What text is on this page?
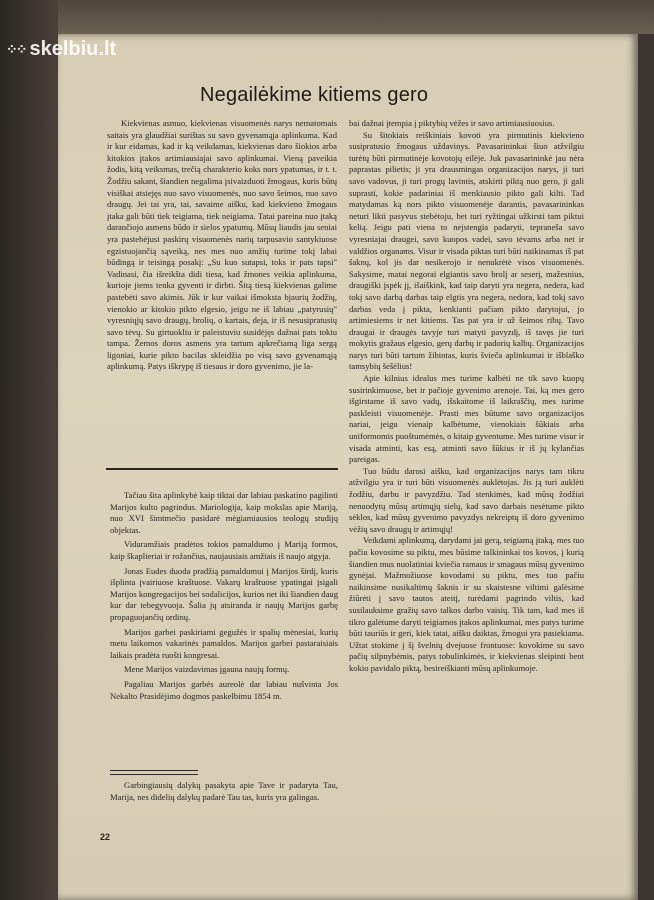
⁘⁘ skelbiu.lt
Negailėkime kitiems gero

Kiekvienas asmuo, kiekvienas visuomenės narys nematomais saitais yra glaudžiai surištas su savo gyvenamąja aplinkuma. Kad ir kur eidamas, kad ir ką veikdamas, kiekvienas daro šiokios arba kitokios įtakos artimiausiajai savo aplinkumai. Vieną paveikia žodis, kitą veiksmas, trečią charakterio koks nors ypatumas, ir t. t. Žodžiu sakant, šiandien negalima įsivaizduoti žmogaus, kuris būtų visiškai atsiejęs nuo savo visuomenės, nuo savo šeimos, nuo savo draugų. Jei tai yra, tai, savaime aišku, kad kiekvieno žmogaus įtaka gali būti tiek teigiama, tiek neigiama. Tatai pareina nuo įtaką darančiojo asmens būdo ir sielos ypatumų. Mūsų liaudis jau seniai yra pastebėjusi paskirų visuomenės narių tarpusavio santykiuose egzistuojančią sąveiką, nes mes nuo amžių turime tokį labai būdingą ir teisingą posakį: „Su kuo sutapsi, toks ir pats tapsi" Vadinasi, čia išreikšta didi tiesa, kad žmones veikia aplinkuma, kurioje jiems tenka gyventi ir dirbti. Šitą tiesą kiekvienas galime pastebėti savo akimis. Jūk ir kur vaikai išmoksta bjaurių žodžių, vienokio ar kitokio pikto elgesio, jeigu ne iš labiau „patyrusių" vyresniųjų savo draugų, brolių, o kartais, deja, ir iš nesusipratusių savo tėvų. Su girtuokliu ir paleistuviu susidėjęs dažnai pats tokiu tampa. Žemos doros asmens yra tartum apkrečiamą liga sergą ligoniai, kurie pikto bacilas skleidžia po visą savo gyvenamąją aplinkumą. Patys iškrypę iš tiesaus ir doro gyvenimo, jie la-

Tačiau šita aplinkybė kaip tiktai dar labiau paskatino pagilinti Marijos kulto pagrindus. Mariologija, kaip mokslas apie Mariją, nuo XVI šimtmečio pasidarė mėgiamiausios teologų studijų objektas.

Viduramžiais pradėtos tokios pamaldumo į Mariją formos, kaip škaplieriai ir rožančius, naujausiais amžiais iš naujo atgyja.

Jonas Eudes duoda pradžią pamaldumui į Marijos širdį, kuris išplinta įvairiuose kraštuose. Vakarų kraštuose ypatingai įsigali Marijos kongregacijos bei sodalicijos, kurios net iki šiandien daug kur dar tebegyvuoja. Šalia jų atsiranda ir naujų Marijos garbę propaguojančių ordinų.

Marijos garbei paskiriami gegužės ir spalių mėnesiai, kurių metu laikomos vakarinės pamaldos. Marijos garbei pastaraisiais laikais pradėta ruošti kongresai.

Mene Marijos vaizdavimas įgauna naujų formų.

Pagaliau Marijos garbės aureolė dar labiau nušvinta Jos Nekalto Prasidėjimo dogmos paskelbimu 1854 m.

Garbingiausių dalykų pasakyta apie Tave ir padaryta Tau, Marija, nes didelių dalykų padarė Tau tas, kuris yra galingas.

bai dažnai įtempia į piktybių vėžes ir savo artimiausiuosius.

Su šitokiais reiškiniais kovoti yra pirmutinis kiekvieno susipratusio žmogaus uždavinys. Pavasarininkai šiuo atžvilgiu turėtų būti pirmutinėje kovotojų eilėje. Juk pavasarininkė jau nėra paprastas pilietis; ji yra drausmingas organizacijos narys, ji turi savo vadovus, ji turi progų lavintis, atskirti piktą nuo gero, ji gali suprasti, kokie padariniai iš menkiausio pikto gali kilti. Tad matydamas ką nors pikto visuomenėje darantis, pavasarininkas neturi likti pasyvus stebėtoju, bet turi ryžtingai užkirsti tam piktui kelią. Jeigu pati viena to nejstengia padaryti, tepraneša savo vyresniajai draugei, savo kuopos vadei, savo tėvams arba net ir valdžios organams. Visur ir visada piktas turi būti naikinamas iš pat šaknų, kol jis dar nesikerojo ir nenukrėtė visos visuomenės. Sakysime, matai negorai elgiantis savo brolį ar seserį, mažesnius, draugiški įspėk jį, išaiškink, kad taip daryti yra negera, nedera, kad tokį savo darbą darbas taip elgtis yra negera, nedora, kad tokį savo darbas veda į pikta, kenkianti pačiam pikto darytojui, jo artimiesiems ir net kitiems. Tas pat yra ir už šeimos ribų. Tavo draugai ir draugės tavyje turi matyti pavyzdį, iš tavęs jie turi mokytis gražaus elgesio, gerų darbų ir padorių kalbų. Organizacijos narys turi būti tartum žibintas, kuris švieča aplinkumai ir išblaško tamsybių šešėlius!

Apie kilnius idealus mes turime kalbėti ne tik savo kuopų susirinkimuose, bet ir pačioje gyvenimo arenoje. Tai, ką mes gero išgirstame iš savo vadų, išskaitome iš laikraščių, mes turime paskleisti visuomenėje. Prasti mes būtume savo organizacijos nariai, jeigu vienaip kalbėtume, vienokiais šūkiais arba uniformomis puoštumėmės, o kitaip gyventume. Mes turime visur ir visada atminti, kas esą, atminti savo šūkius ir iš jų kylančias pareigas.

Tuo būdu darosi aišku, kad organizacijos narys tam tikru atžvilgiu yra ir turi būti visuomenės auklėtojas. Jis ją turi auklėti žodžiu, darbu ir pavyzdžiu. Tad stenkimės, kad mūsų žodžiai nenuodytų mūsų artimųjų sielų, kad savo darbais nesėtume pikto sėklos, kad mūsų gyvenimo pavyzdys nekreiptų iš doro gyvenimo vėžių savo draugų ir artimųjų!

Veikdami aplinkumą, darydami jai gerą, teigiamą įtaką, mes tuo pačiu kovosime su piktu, mes būsime talkininkai tos kovos, į kurią šiandien mus nuolatiniai kviečia ramaus ir smagaus mūsų gyvenimo gynėjai. Mažmožiuose kovodami su piktu, mes tuo pačiu naikinsime nusikaltimų šaknis ir su skaistesne viltimi galėsime žiūrėti į savo tautos ateitį, turėdami pagrindo viltis, kad susilauksime gražių savo talkos darbo vaisių. Tik tam, kad mes iš tikro galėtume daryti teigiamos įtakos aplinkumai, mes patys turime būti tauriūs ir geri, kiek tatai, aišku daiktas, žmogui yra pasiekiama. Užtat stokime į šį švelnių dvejuose frontuose: kovokime su savo pačių silpnybėmis, patys tobulinkimės, ir kiekvienas sleipinti bent kokio pavidalo piktą, besireiškianti mūsų aplinkumoje.

22
